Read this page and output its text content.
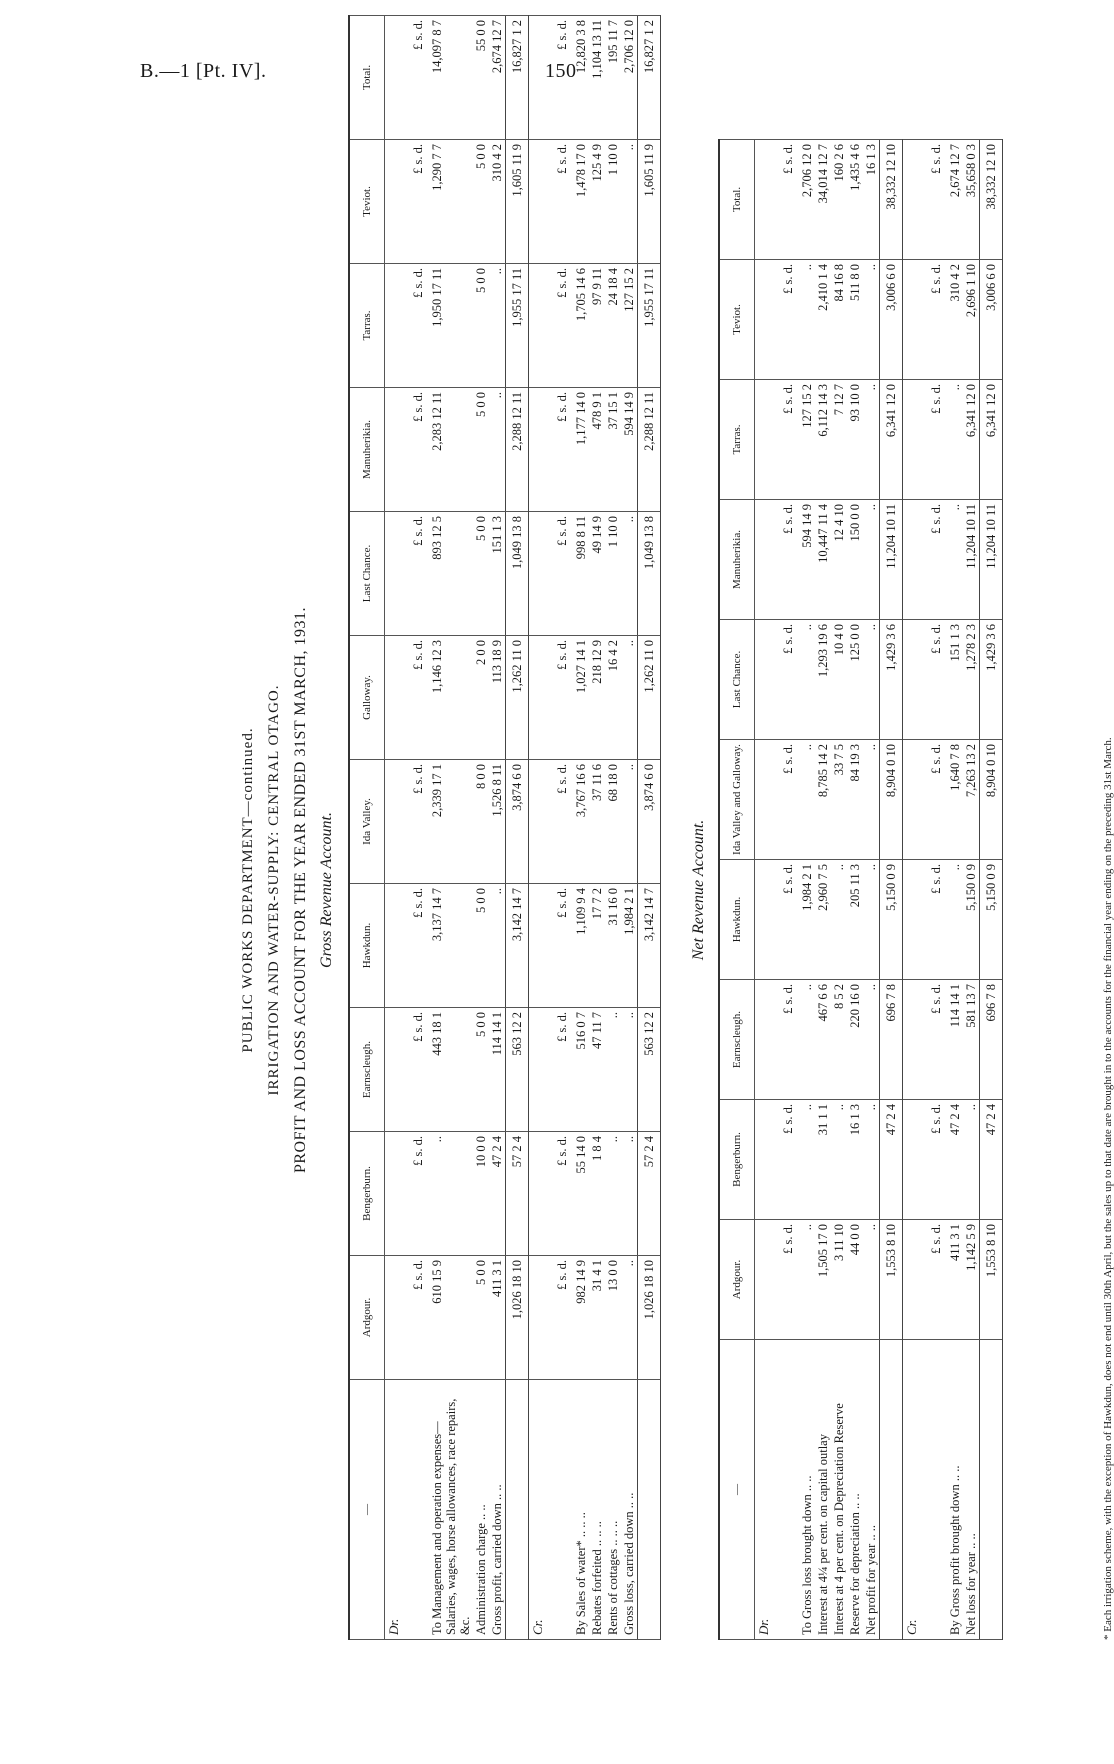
B.—1 [Pt. IV].	150
PUBLIC WORKS DEPARTMENT—continued. IRRIGATION AND WATER-SUPPLY: CENTRAL OTAGO. PROFIT AND LOSS ACCOUNT FOR THE YEAR ENDED 31ST MARCH, 1931. Gross Revenue Account.
—	Ardgour.	Bengerburn.	Earnscleugh.	Hawkdun.	Ida Valley.	Galloway.	Last Chance.	Manuherikia.	Tarras.	Teviot.	Total.
Dr.											
	£ s. d.	£ s. d.	£ s. d.	£ s. d.	£ s. d.	£ s. d.	£ s. d.	£ s. d.	£ s. d.	£ s. d.	£ s. d.
To Management and operation expenses—Salaries, wages, horse allowances, race repairs, &c.	610 15 9	..	443 18 1	3,137 14 7	2,339 17 1	1,146 12 3	893 12 5	2,283 12 11	1,950 17 11	1,290 7 7	14,097 8 7
Administration charge .. ..	5 0 0	10 0 0	5 0 0	5 0 0	8 0 0	2 0 0	5 0 0	5 0 0	5 0 0	5 0 0	55 0 0
Gross profit, carried down .. ..	411 3 1	47 2 4	114 14 1	..	1,526 8 11	113 18 9	151 1 3	..	..	310 4 2	2,674 12 7
	1,026 18 10	57 2 4	563 12 2	3,142 14 7	3,874 6 0	1,262 11 0	1,049 13 8	2,288 12 11	1,955 17 11	1,605 11 9	16,827 1 2
Cr.											
	£ s. d.	£ s. d.	£ s. d.	£ s. d.	£ s. d.	£ s. d.	£ s. d.	£ s. d.	£ s. d.	£ s. d.	£ s. d.
By Sales of water* .. .. ..	982 14 9	55 14 0	516 0 7	1,109 9 4	3,767 16 6	1,027 14 1	998 8 11	1,177 14 0	1,705 14 6	1,478 17 0	12,820 3 8
Rebates forfeited .. .. ..	31 4 1	1 8 4	47 11 7	17 7 2	37 11 6	218 12 9	49 14 9	478 9 1	97 9 11	125 4 9	1,104 13 11
Rents of cottages .. .. ..	13 0 0	..	..	31 16 0	68 18 0	16 4 2	1 10 0	37 15 1	24 18 4	1 10 0	195 11 7
Gross loss, carried down .. ..	..	..	..	1,984 2 1	..	..	..	594 14 9	127 15 2	..	2,706 12 0
	1,026 18 10	57 2 4	563 12 2	3,142 14 7	3,874 6 0	1,262 11 0	1,049 13 8	2,288 12 11	1,955 17 11	1,605 11 9	16,827 1 2
Net Revenue Account.
—	Ardgour.	Bengerburn.	Earnscleugh.	Hawkdun.	Ida Valley and Galloway.	Last Chance.	Manuherikia.	Tarras.	Teviot.	Total.
Dr.										
	£ s. d.	£ s. d.	£ s. d.	£ s. d.	£ s. d.	£ s. d.	£ s. d.	£ s. d.	£ s. d.	£ s. d.
To Gross loss brought down .. ..	..	..	..	1,984 2 1	..	..	594 14 9	127 15 2	..	2,706 12 0
Interest at 4¼ per cent. on capital outlay	1,505 17 0	31 1 1	467 6 6	2,960 7 5	8,785 14 2	1,293 19 6	10,447 11 4	6,112 14 3	2,410 1 4	34,014 12 7
Interest at 4 per cent. on Depreciation Reserve	3 11 10	..	8 5 2	..	33 7 5	10 4 0	12 4 10	7 12 7	84 16 8	160 2 6
Reserve for depreciation .. ..	44 0 0	16 1 3	220 16 0	205 11 3	84 19 3	125 0 0	150 0 0	93 10 0	511 8 0	1,435 4 6
Net profit for year .. ..	..	..	..	..	..	..	..	..	..	16 1 3
	1,553 8 10	47 2 4	696 7 8	5,150 0 9	8,904 0 10	1,429 3 6	11,204 10 11	6,341 12 0	3,006 6 0	38,332 12 10
Cr.										
	£ s. d.	£ s. d.	£ s. d.	£ s. d.	£ s. d.	£ s. d.	£ s. d.	£ s. d.	£ s. d.	£ s. d.
By Gross profit brought down .. ..	411 3 1	47 2 4	114 14 1	..	1,640 7 8	151 1 3	..	..	310 4 2	2,674 12 7
Net loss for year .. ..	1,142 5 9	..	581 13 7	5,150 0 9	7,263 13 2	1,278 2 3	11,204 10 11	6,341 12 0	2,696 1 10	35,658 0 3
	1,553 8 10	47 2 4	696 7 8	5,150 0 9	8,904 0 10	1,429 3 6	11,204 10 11	6,341 12 0	3,006 6 0	38,332 12 10
* Each irrigation scheme, with the exception of Hawkdun, does not end until 30th April, but the sales up to that date are brought in to the accounts for the financial year ending on the preceding 31st March.
